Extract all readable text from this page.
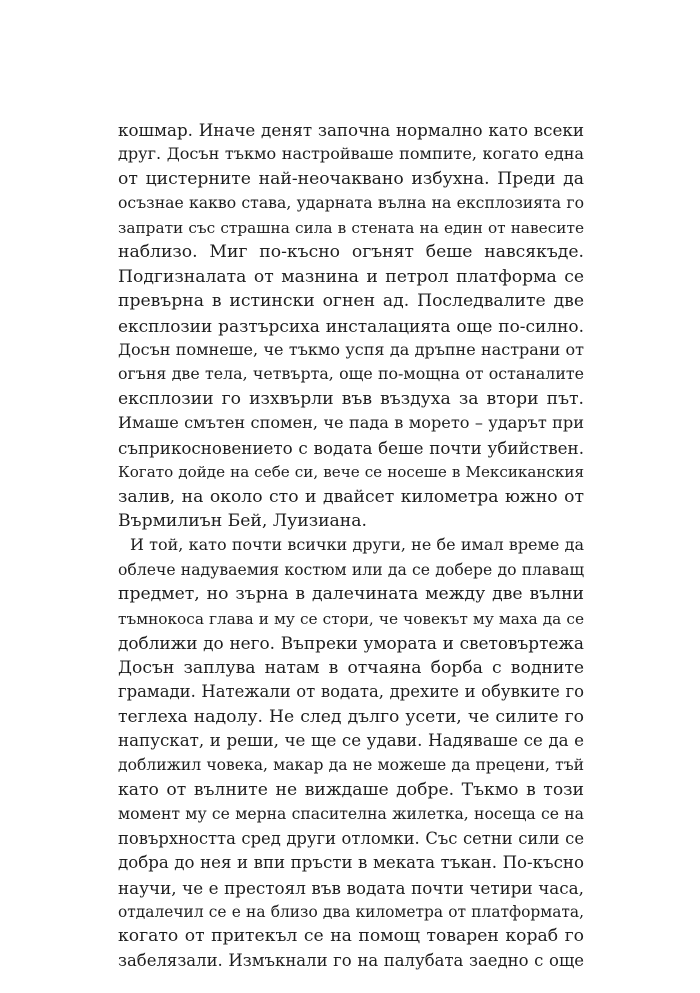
кошмар. Иначе денят започна нормално като всеки
друг. Досън тъкмо настройваше помпите, когато една
от цистерните най-неочаквано избухна. Преди да
осъзнае какво става, ударната вълна на експлозията го
запрати със страшна сила в стената на един от навесите
наблизо. Миг по-късно огънят беше навсякъде.
Подгизналата от мазнина и петрол платформа се
превърна в истински огнен ад. Последвалите две
експлозии разтърсиха инсталацията още по-силно.
Досън помнеше, че тъкмо успя да дръпне настрани от
огъня две тела, четвърта, още по-мощна от останалите
експлозии го изхвърли във въздуха за втори път.
Имаше смътен спомен, че пада в морето – ударът при
съприкосновението с водата беше почти убийствен.
Когато дойде на себе си, вече се носеше в Мексиканския
залив, на около сто и двайсет километра южно от
Върмилиън Бей, Луизиана.
И той, като почти всички други, не бе имал време да
облече надуваемия костюм или да се добере до плаващ
предмет, но зърна в далечината между две вълни
тъмнокоса глава и му се стори, че човекът му маха да се
доближи до него. Въпреки умората и световъртежа
Досън заплува натам в отчаяна борба с водните
грамади. Натежали от водата, дрехите и обувките го
теглеха надолу. Не след дълго усети, че силите го
напускат, и реши, че ще се удави. Надяваше се да е
доближил човека, макар да не можеше да прецени, тъй
като от вълните не виждаше добре. Тъкмо в този
момент му се мерна спасителна жилетка, носеща се на
повърхността сред други отломки. Със сетни сили се
добра до нея и впи пръсти в меката тъкан. По-късно
научи, че е престоял във водата почти четири часа,
отдалечил се е на близо два километра от платформата,
когато от притекъл се на помощ товарен кораб го
забелязали. Измъкнали го на палубата заедно с още
